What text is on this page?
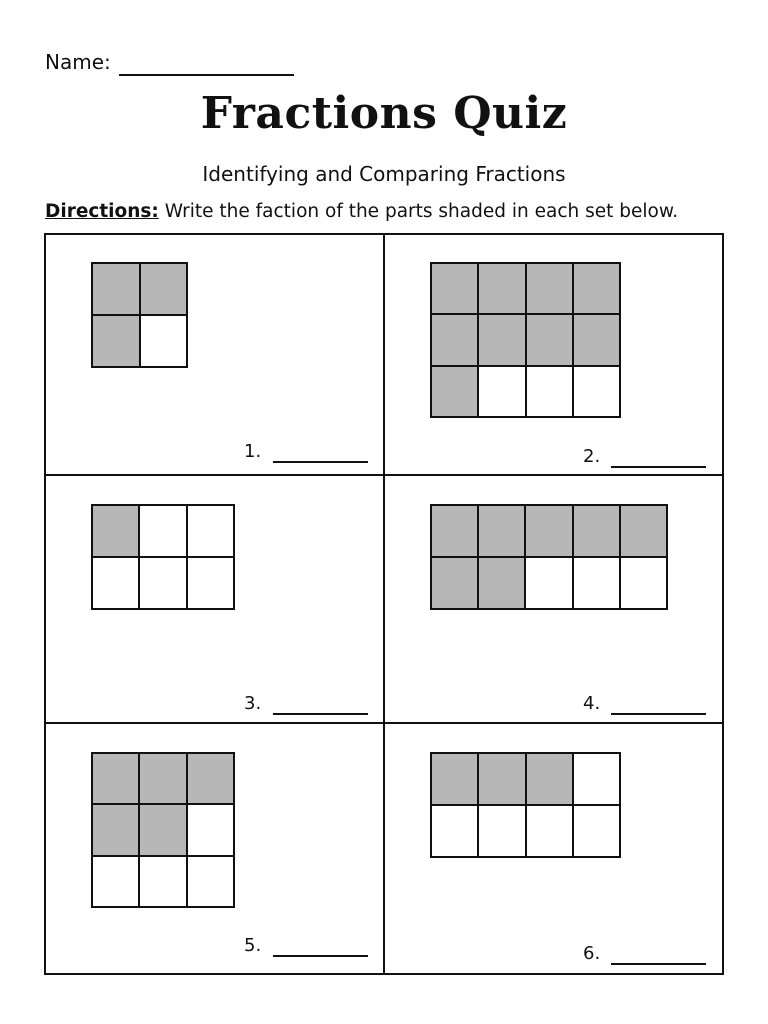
Name:
Fractions Quiz
Identifying and Comparing Fractions
Directions: Write the faction of the parts shaded in each set below.
1.	2.
3.	4.
5.	6.
